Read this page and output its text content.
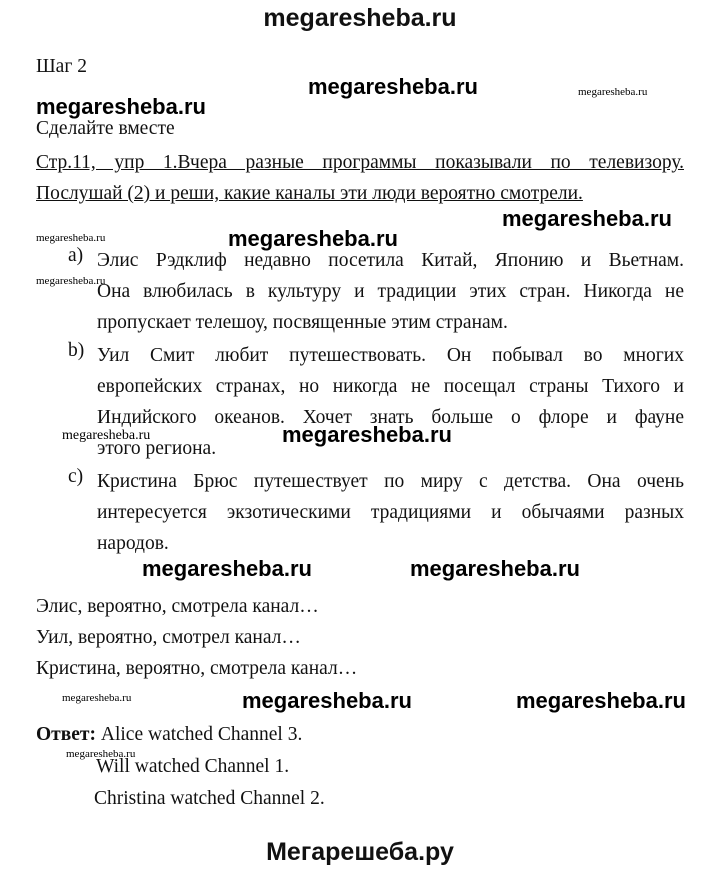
megaresheba.ru
Шаг 2
megaresheba.ru	megaresheba.ru
megaresheba.ru
Сделайте вместе
Стр.11, упр 1.Вчера разные программы показывали по телевизору.
Послушай (2) и реши, какие каналы эти люди вероятно смотрели.
megaresheba.ru
megaresheba.ru	megaresheba.ru
a) Элис Рэдклиф недавно посетила Китай, Японию и Вьетнам.
Она влюбилась в культуру и традиции этих стран. Никогда не
пропускает телешоу, посвященные этим странам.
megaresheba.ru
b) Уил Смит любит путешествовать. Он побывал во многих
европейских странах, но никогда не посещал страны Тихого и
Индийского океанов. Хочет знать больше о флоре и фауне
этого региона.
megaresheba.ru	megaresheba.ru
c) Кристина Брюс путешествует по миру с детства. Она очень
интересуется экзотическими традициями и обычаями разных
народов.
megaresheba.ru	megaresheba.ru
Элис, вероятно, смотрела канал…
Уил, вероятно, смотрел канал…
Кристина, вероятно, смотрела канал…
megaresheba.ru	megaresheba.ru	megaresheba.ru
Ответ: Alice watched Channel 3.
megaresheba.ru
Will watched Channel 1.
Christina watched Channel 2.
Мегарешеба.ру
